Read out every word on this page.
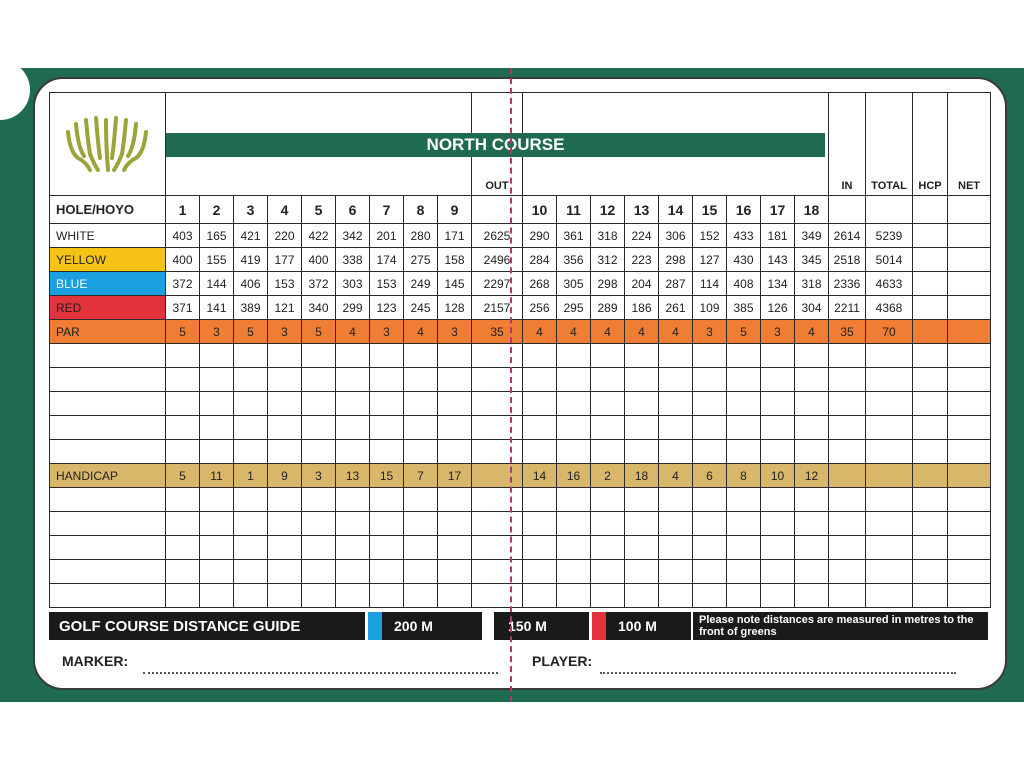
										OUT										IN	TOTAL	HCP	NET
HOLE/HOYO	1	2	3	4	5	6	7	8	9		10	11	12	13	14	15	16	17	18				
WHITE	403	165	421	220	422	342	201	280	171	2625	290	361	318	224	306	152	433	181	349	2614	5239		
YELLOW	400	155	419	177	400	338	174	275	158	2496	284	356	312	223	298	127	430	143	345	2518	5014		
BLUE	372	144	406	153	372	303	153	249	145	2297	268	305	298	204	287	114	408	134	318	2336	4633		
RED	371	141	389	121	340	299	123	245	128	2157	256	295	289	186	261	109	385	126	304	2211	4368		
PAR	5	3	5	3	5	4	3	4	3	35	4	4	4	4	4	3	5	3	4	35	70		

HANDICAP	5	11	1	9	3	13	15	7	17		14	16	2	18	4	6	8	10	12				

NORTH COURSE
GOLF COURSE DISTANCE GUIDE	200 M	150 M	100 M	Please note distances are measured in metres to the front of greens
MARKER:	PLAYER:
